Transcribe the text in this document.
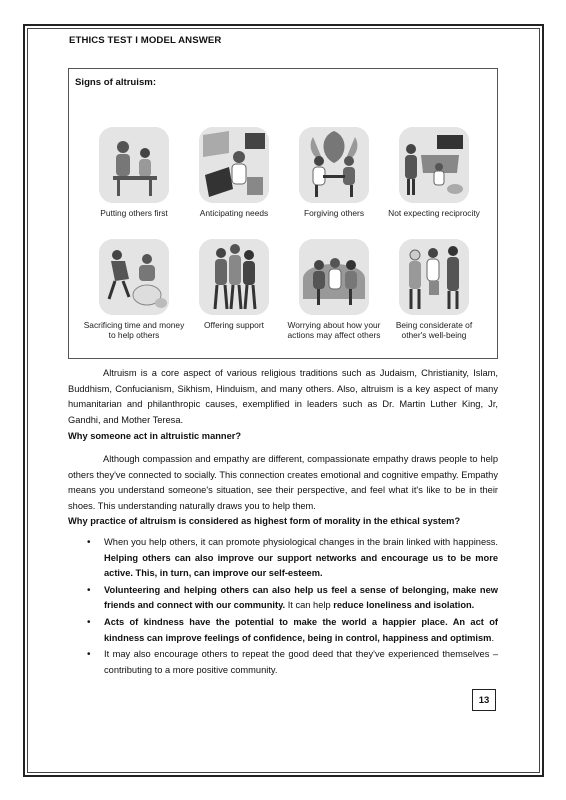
ETHICS TEST I MODEL ANSWER
Signs of altruism:
Putting others first	Anticipating needs	Forgiving others	Not expecting reciprocity
Sacrificing time and money to help others
Offering support	Worrying about how your actions may affect others
Being considerate of other's well-being

Altruism is a core aspect of various religious traditions such as Judaism, Christianity, Islam, Buddhism, Confucianism, Sikhism, Hinduism, and many others. Also, altruism is a key aspect of many humanitarian and philanthropic causes, exemplified in leaders such as Dr. Martin Luther King, Jr, Gandhi, and Mother Teresa.

Why someone act in altruistic manner?

Although compassion and empathy are different, compassionate empathy draws people to help others they've connected to socially. This connection creates emotional and cognitive empathy. Empathy means you understand someone's situation, see their perspective, and feel what it's like to be in their shoes. This understanding naturally draws you to help them.

Why practice of altruism is considered as highest form of morality in the ethical system?
• When you help others, it can promote physiological changes in the brain linked with happiness. Helping others can also improve our support networks and encourage us to be more active. This, in turn, can improve our self-esteem.
• Volunteering and helping others can also help us feel a sense of belonging, make new friends and connect with our community. It can help reduce loneliness and isolation.
• Acts of kindness have the potential to make the world a happier place. An act of kindness can improve feelings of confidence, being in control, happiness and optimism.
• It may also encourage others to repeat the good deed that they've experienced themselves – contributing to a more positive community.
13
